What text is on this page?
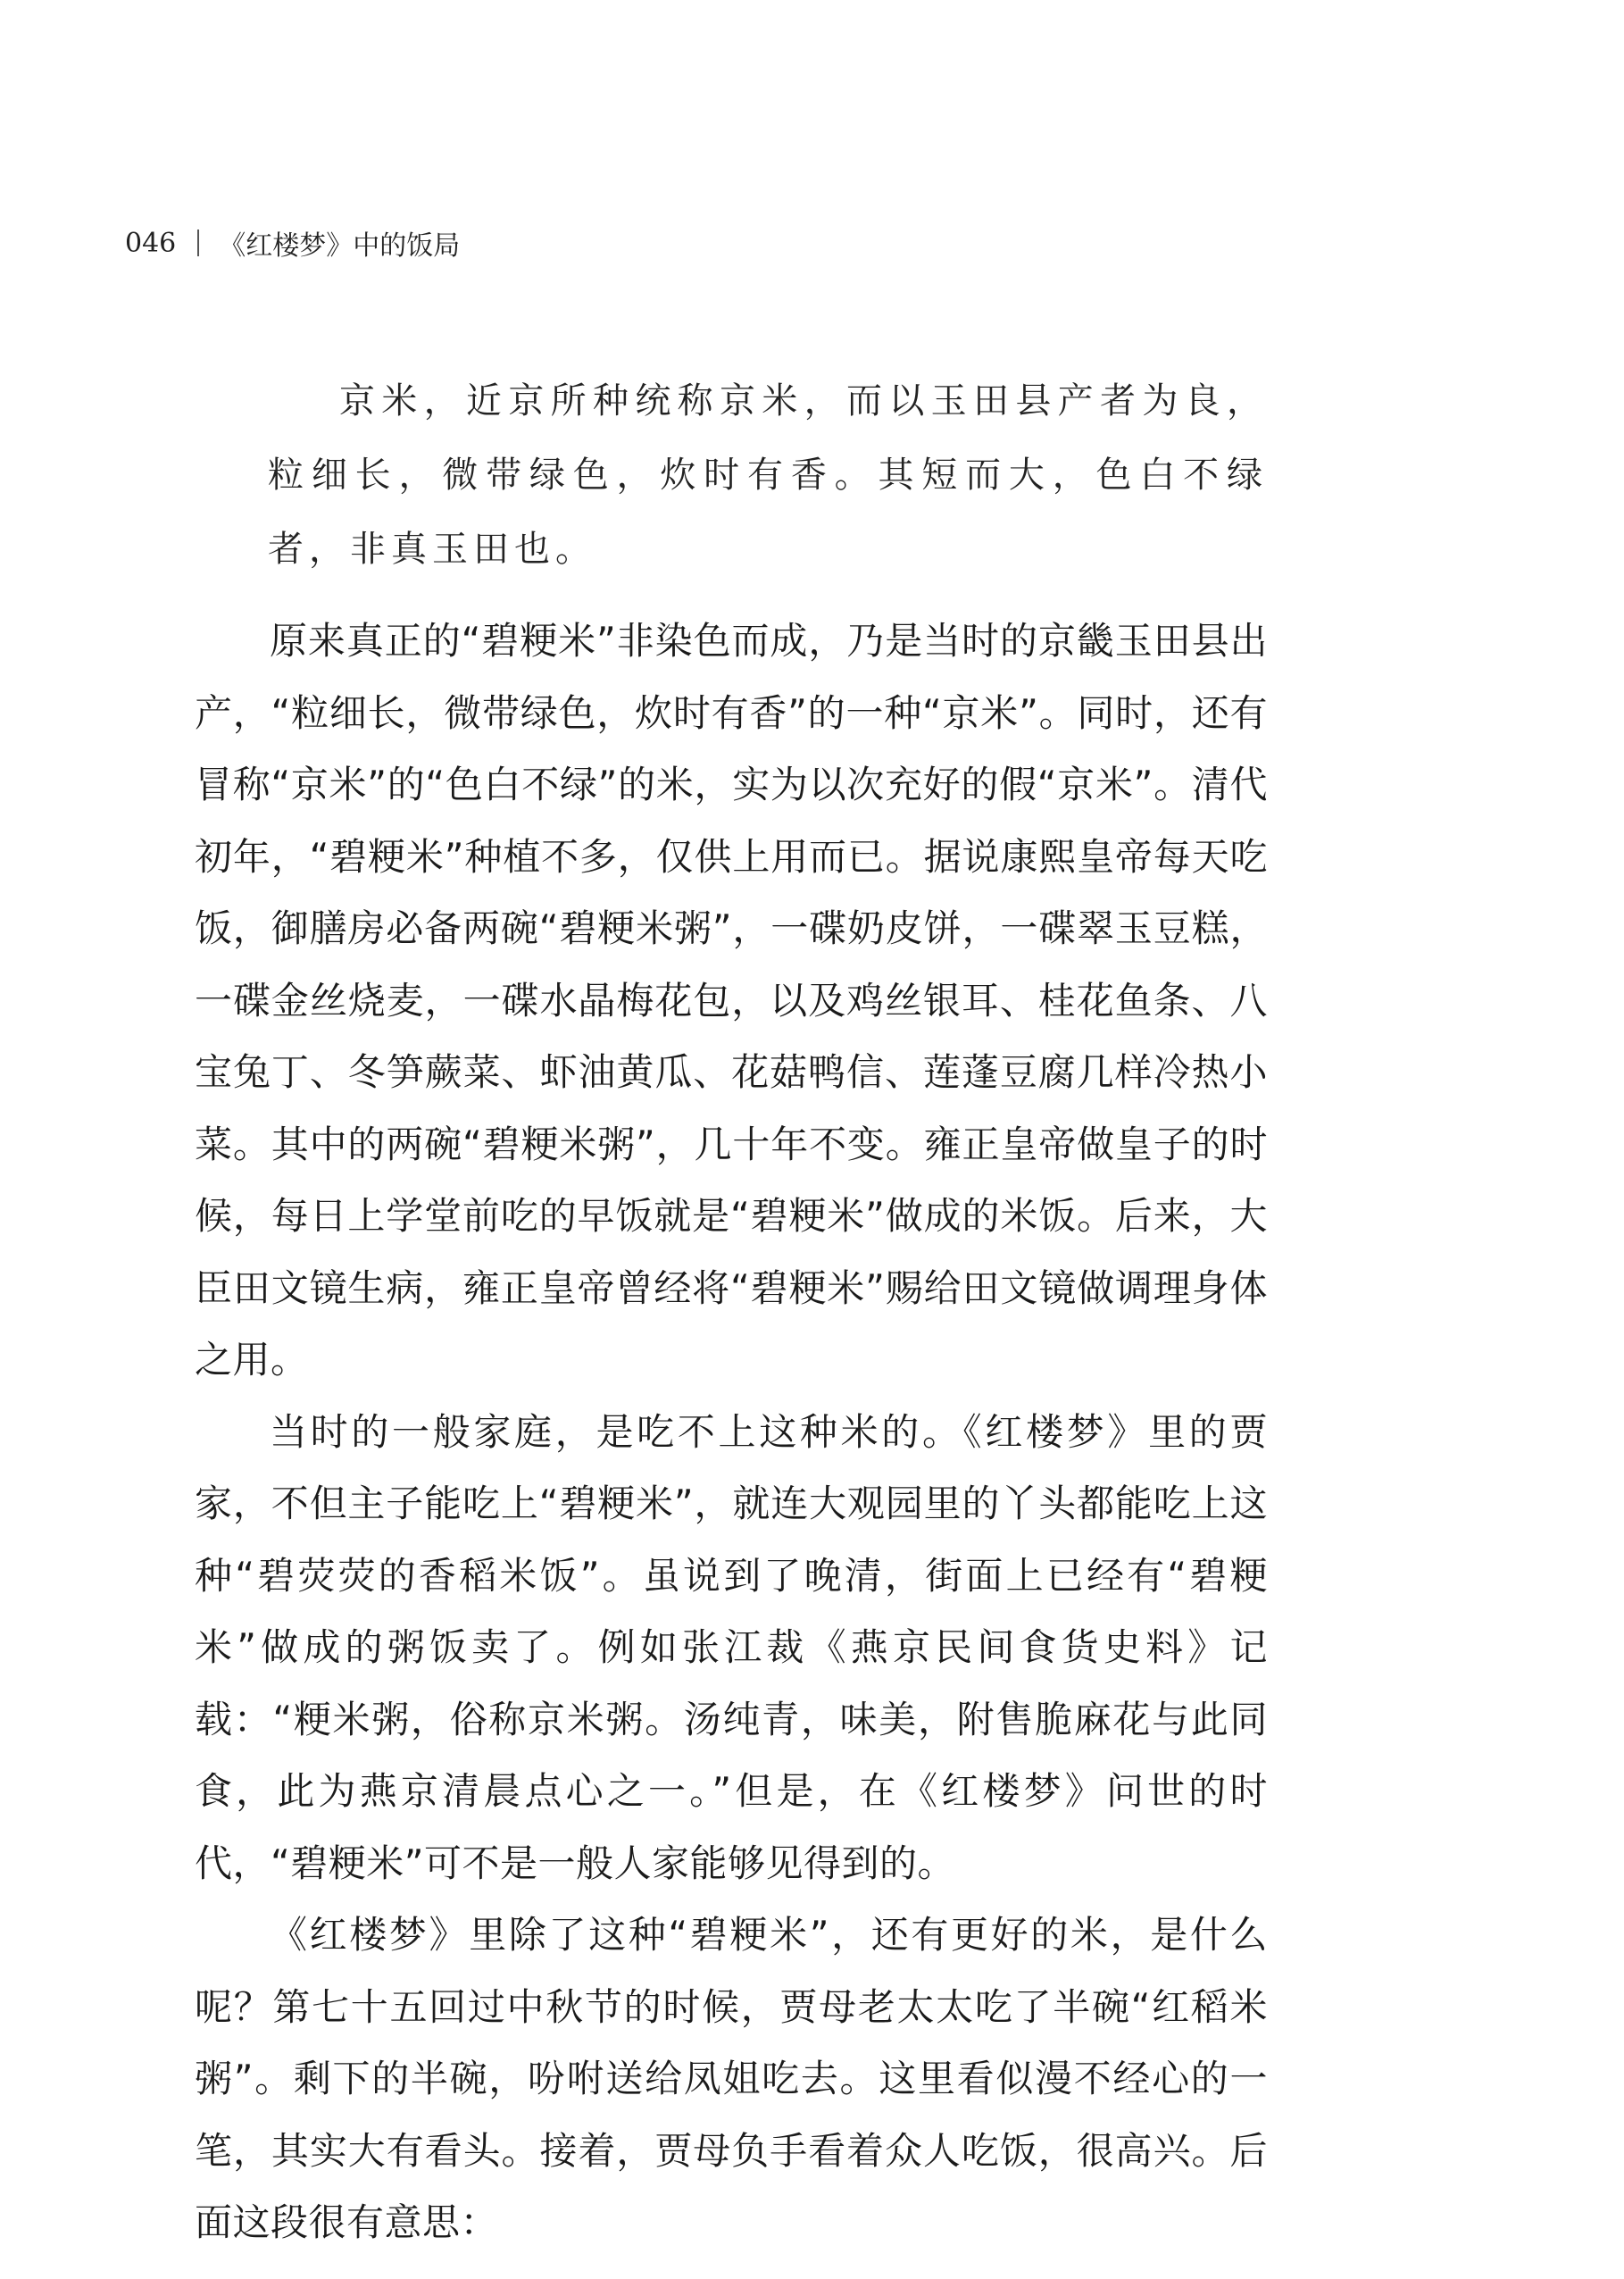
046 《红楼梦》中的饭局

京米，近京所种统称京米，而以玉田县产者为良，粒细长，微带绿色，炊时有香。其短而大，色白不绿者，非真玉田也。

原来真正的“碧粳米”非染色而成，乃是当时的京畿玉田县出产，“粒细长，微带绿色，炊时有香”的一种“京米”。同时，还有冒称“京米”的“色白不绿”的米，实为以次充好的假“京米”。清代初年，“碧粳米”种植不多，仅供上用而已。据说康熙皇帝每天吃饭，御膳房必备两碗“碧粳米粥”，一碟奶皮饼，一碟翠玉豆糕，一碟金丝烧麦，一碟水晶梅花包，以及鸡丝银耳、桂花鱼条、八宝兔丁、冬笋蕨菜、虾油黄瓜、花菇鸭信、莲蓬豆腐几样冷热小菜。其中的两碗“碧粳米粥”，几十年不变。雍正皇帝做皇子的时候，每日上学堂前吃的早饭就是“碧粳米”做成的米饭。后来，大臣田文镜生病，雍正皇帝曾经将“碧粳米”赐给田文镜做调理身体之用。

当时的一般家庭，是吃不上这种米的。《红楼梦》里的贾家，不但主子能吃上“碧粳米”，就连大观园里的丫头都能吃上这种“碧荧荧的香稻米饭”。虽说到了晚清，街面上已经有“碧粳米”做成的粥饭卖了。例如张江裁《燕京民间食货史料》记载：“粳米粥，俗称京米粥。汤纯青，味美，附售脆麻花与此同食，此为燕京清晨点心之一。”但是，在《红楼梦》问世的时代，“碧粳米”可不是一般人家能够见得到的。

《红楼梦》里除了这种“碧粳米”，还有更好的米，是什么呢？第七十五回过中秋节的时候，贾母老太太吃了半碗“红稻米粥”。剩下的半碗，吩咐送给凤姐吃去。这里看似漫不经心的一笔，其实大有看头。接着，贾母负手看着众人吃饭，很高兴。后面这段很有意思：
